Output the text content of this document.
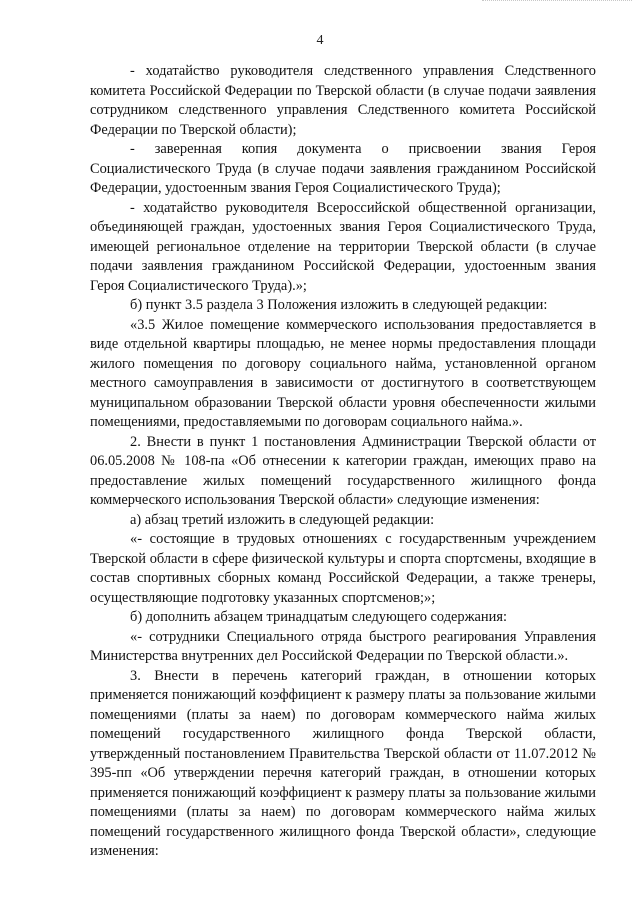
4

- ходатайство руководителя следственного управления Следственного комитета Российской Федерации по Тверской области (в случае подачи заявления сотрудником следственного управления Следственного комитета Российской Федерации по Тверской области);

- заверенная копия документа о присвоении звания Героя Социалистического Труда (в случае подачи заявления гражданином Российской Федерации, удостоенным звания Героя Социалистического Труда);

- ходатайство руководителя Всероссийской общественной организации, объединяющей граждан, удостоенных звания Героя Социалистического Труда, имеющей региональное отделение на территории Тверской области (в случае подачи заявления гражданином Российской Федерации, удостоенным звания Героя Социалистического Труда).»;

б) пункт 3.5 раздела 3 Положения изложить в следующей редакции:

«3.5 Жилое помещение коммерческого использования предоставляется в виде отдельной квартиры площадью, не менее нормы предоставления площади жилого помещения по договору социального найма, установленной органом местного самоуправления в зависимости от достигнутого в соответствующем муниципальном образовании Тверской области уровня обеспеченности жилыми помещениями, предоставляемыми по договорам социального найма.».

2. Внести в пункт 1 постановления Администрации Тверской области от 06.05.2008 № 108-па «Об отнесении к категории граждан, имеющих право на предоставление жилых помещений государственного жилищного фонда коммерческого использования Тверской области» следующие изменения:

а) абзац третий изложить в следующей редакции:

«- состоящие в трудовых отношениях с государственным учреждением Тверской области в сфере физической культуры и спорта спортсмены, входящие в состав спортивных сборных команд Российской Федерации, а также тренеры, осуществляющие подготовку указанных спортсменов;»;

б) дополнить абзацем тринадцатым следующего содержания:

«- сотрудники Специального отряда быстрого реагирования Управления Министерства внутренних дел Российской Федерации по Тверской области.».

3. Внести в перечень категорий граждан, в отношении которых применяется понижающий коэффициент к размеру платы за пользование жилыми помещениями (платы за наем) по договорам коммерческого найма жилых помещений государственного жилищного фонда Тверской области, утвержденный постановлением Правительства Тверской области от 11.07.2012 № 395-пп «Об утверждении перечня категорий граждан, в отношении которых применяется понижающий коэффициент к размеру платы за пользование жилыми помещениями (платы за наем) по договорам коммерческого найма жилых помещений государственного жилищного фонда Тверской области», следующие изменения:
